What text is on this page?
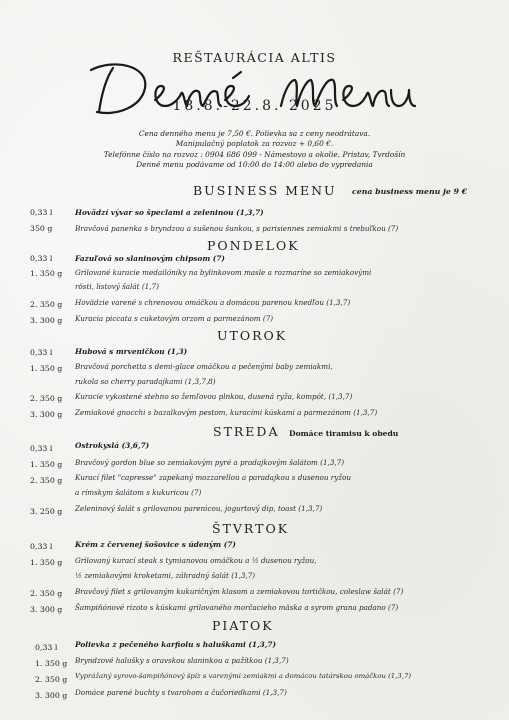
REŠTAURÁCIA ALTIS
18.8.-22.8. 2025
Cena denného menu je 7,50 €. Polievka sa z ceny neodrátava.
Manipulačný poplatok za rozvoz + 0,60 €.
Telefónne číslo na rozvoz : 0904 686 099 - Námestovo a okolie, Pristav, Tvrdošín
Denné menu podávame od 10:00 do 14:00 alebo do vypredania
BUSINESS MENU cena business menu je 9 €
0,33 l	Hovädzí vývar so špeclami a zeleninou (1,3,7)
350 g	Bravčová panenka s bryndzou a sušenou šunkou, s parisiennes zemiakmi s trebuľkou (7)
PONDELOK
0,33 l	Fazuľová so slaninovým chipsom (7)
1. 350 g Grilované kuracie medailóniky na bylinkovom masle a rozmaríne so zemiakovými
rösti, listový šalát (1,7)
2. 350 g Hovädzie varené s chrenovou omáčkou a domácou parenou knedľou (1,3,7)
3. 300 g Kuracia piccata s cuketovým orzom a parmezánom (7)
UTOROK
0,33 l	Hubová s mrveničkou (1,3)
1. 350 g Bravčová porchetta s demi-glace omáčkou a pečenými baby zemiakmi,
rukola so cherry paradajkami (1,3,7,8)
2. 350 g Kuracie vykostené stehno so žemľovou plnkou, dusená ryža, kompót, (1,3,7)
3. 300 g Zemiakové gnocchi s bazalkovým pestom, kuracími kúskami a parmezánom (1,3,7)
STREDA Domáce tiramisu k obedu
0,33 l	Ostrokyslá (3,6,7)
1. 350 g Bravčový gordon blue so zemiakovým pyré a pradajkovým šalátom (1,3,7)
2. 350 g Kurací filet "capresse" zapekaný mozzarellou a paradajkou s dusenou ryžou
a rímskym šalátom s kukuricou (7)
3. 250 g Zeleninový šalát s grilovanou parenicou, jogurtový dip, toast (1,3,7)
ŠTVRTOK
0,33 l	Krém z červenej šošovice s údeným (7)
1. 350 g Grilovaný kurací steak s tymianovou omáčkou a ½ dusenou ryžou,
½ zemiakovými kroketami, záhradný šalát (1,3,7)
2. 350 g Bravčový filet s grilovaným kukuričným klasom a zemiakovou tortičkou, coleslaw šalát (7)
3. 300 g Šampiňónové rizoto s kúskami grilovaného morčacieho mäska a syrom grana padano (7)
PIATOK
0,33 l Polievka z pečeného karfiolu s haluškami (1,3,7)
1. 350 g Bryndzové halušky s oravskou slaninkou a pažítkou (1,3,7)
2. 350 g Vyprážaný syrovo-šampiňónový špíz s varenými zemiakmi a domácou tatárskou omáčkou (1,3,7)
3. 300 g Domáce parené buchty s tvarohom a čučoriedkami (1,3,7)
